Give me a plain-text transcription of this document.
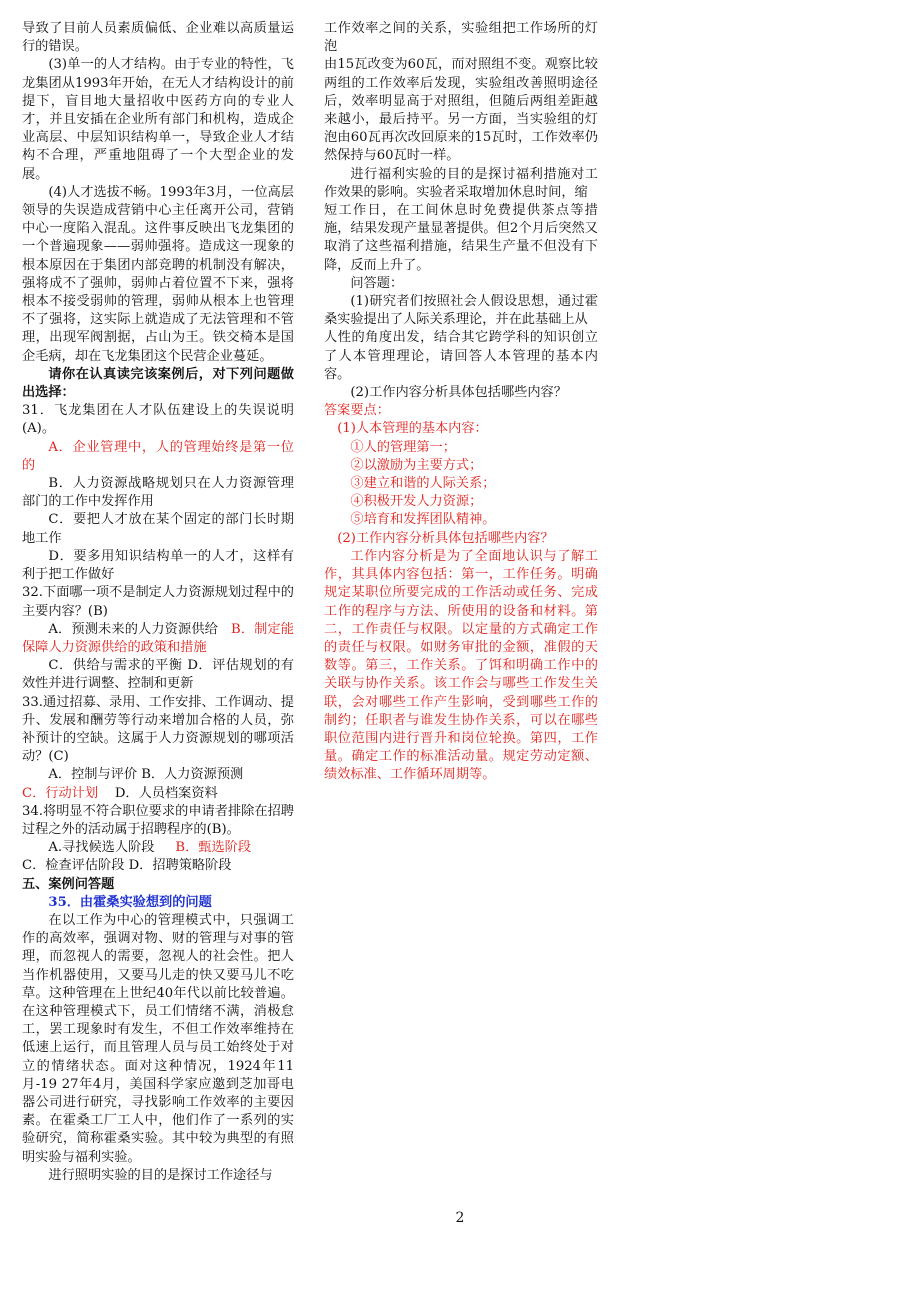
导致了目前人员素质偏低、企业难以高质量运行的错误。

(3)单一的人才结构。由于专业的特性，飞龙集团从1993年开始，在无人才结构设计的前提下，盲目地大量招收中医药方向的专业人才，并且安插在企业所有部门和机构，造成企业高层、中层知识结构单一，导致企业人才结构不合理，严重地阻碍了一个大型企业的发展。

(4)人才选拔不畅。1993年3月，一位高层领导的失误造成营销中心主任离开公司，营销中心一度陷入混乱。这件事反映出飞龙集团的一个普遍现象——弱帅强将。造成这一现象的根本原因在于集团内部竞聘的机制没有解决，强将成不了强帅，弱帅占着位置不下来，强将根本不接受弱帅的管理，弱帅从根本上也管理不了强将，这实际上就造成了无法管理和不管理，出现军阀割据，占山为王。铁交椅本是国企毛病，却在飞龙集团这个民营企业蔓延。

请你在认真读完该案例后，对下列问题做出选择：

31．飞龙集团在人才队伍建设上的失误说明(A)。

A．企业管理中，人的管理始终是第一位的

B．人力资源战略规划只在人力资源管理部门的工作中发挥作用

C．要把人才放在某个固定的部门长时期地工作

D．要多用知识结构单一的人才，这样有利于把工作做好

32.下面哪一项不是制定人力资源规划过程中的主要内容？(B)

A．预测未来的人力资源供给 B．制定能保障人力资源供给的政策和措施

C．供给与需求的平衡 D．评估规划的有效性并进行调整、控制和更新

33.通过招募、录用、工作安排、工作调动、提升、发展和酬劳等行动来增加合格的人员，弥补预计的空缺。这属于人力资源规划的哪项活动？(C)

A．控制与评价 B．人力资源预测

C．行动计划 D．人员档案资料

34.将明显不符合职位要求的申请者排除在招聘过程之外的活动属于招聘程序的(B)。

A.寻找候选人阶段 B．甄选阶段

C．检查评估阶段 D．招聘策略阶段

五、案例问答题

35．由霍桑实验想到的问题

在以工作为中心的管理模式中，只强调工作的高效率，强调对物、财的管理与对事的管理，而忽视人的需要，忽视人的社会性。把人当作机器使用，又要马儿走的快又要马儿不吃草。这种管理在上世纪40年代以前比较普遍。在这种管理模式下，员工们情绪不满，消极怠工，罢工现象时有发生，不但工作效率维持在低速上运行，而且管理人员与员工始终处于对立的情绪状态。面对这种情况，1924年11月-19 27年4月，美国科学家应邀到芝加哥电器公司进行研究，寻找影响工作效率的主要因素。在霍桑工厂工人中，他们作了一系列的实验研究，简称霍桑实验。其中较为典型的有照明实验与福利实验。

进行照明实验的目的是探讨工作途径与

工作效率之间的关系，实验组把工作场所的灯泡

由15瓦改变为60瓦，而对照组不变。观察比较两组的工作效率后发现，实验组改善照明途径后，效率明显高于对照组，但随后两组差距越来越小，最后持平。另一方面，当实验组的灯泡由60瓦再次改回原来的15瓦时，工作效率仍然保持与60瓦时一样。

进行福利实验的目的是探讨福利措施对工作效果的影响。实验者采取增加休息时间，缩

短工作日，在工间休息时免费提供茶点等措施，结果发现产量显著提供。但2个月后突然又取消了这些福利措施，结果生产量不但没有下降，反而上升了。

问答题：

(1)研究者们按照社会人假设思想，通过霍桑实验提出了人际关系理论，并在此基础上从

人性的角度出发，结合其它跨学科的知识创立了人本管理理论，请回答人本管理的基本内容。

(2)工作内容分析具体包括哪些内容？

答案要点：

(1)人本管理的基本内容：

①人的管理第一；

②以激励为主要方式；

③建立和谐的人际关系；

④积极开发人力资源；

⑤培育和发挥团队精神。

(2)工作内容分析具体包括哪些内容？

工作内容分析是为了全面地认识与了解工作，其具体内容包括：第一，工作任务。明确规定某职位所要完成的工作活动或任务、完成工作的程序与方法、所使用的设备和材料。第二，工作责任与权限。以定量的方式确定工作的责任与权限。如财务审批的金额，准假的天数等。第三，工作关系。了饵和明确工作中的关联与协作关系。该工作会与哪些工作发生关联，会对哪些工作产生影响，受到哪些工作的制约；任职者与谁发生协作关系，可以在哪些职位范围内进行晋升和岗位轮换。第四，工作量。确定工作的标准活动量。规定劳动定额、绩效标准、工作循环周期等。

2
